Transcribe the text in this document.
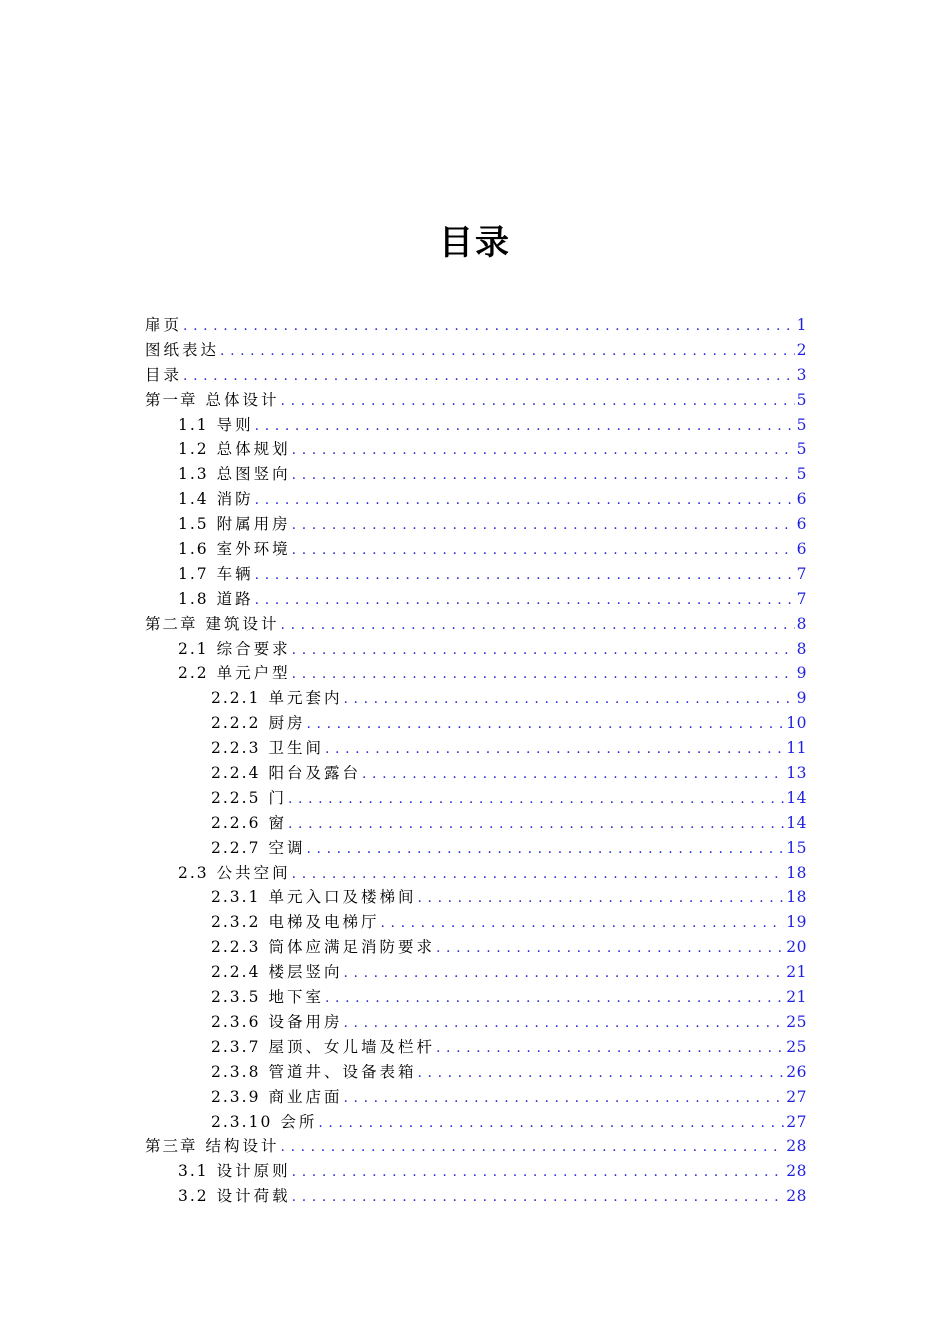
目录
扉页 .....	1
图纸表达 .....	2
目录 .....	3
第一章 总体设计 .....	5
1.1 导则 .....	5
1.2 总体规划 .....	5
1.3 总图竖向 .....	5
1.4 消防 .....	6
1.5 附属用房 .....	6
1.6 室外环境 .....	6
1.7 车辆 .....	7
1.8 道路 .....	7
第二章 建筑设计 .....	8
2.1 综合要求 .....	8
2.2 单元户型 .....	9
2.2.1 单元套内 .....	9
2.2.2 厨房 .....	10
2.2.3 卫生间 .....	11
2.2.4 阳台及露台 .....	13
2.2.5 门 .....	14
2.2.6 窗 .....	14
2.2.7 空调 .....	15
2.3 公共空间 .....	18
2.3.1 单元入口及楼梯间 .....	18
2.3.2 电梯及电梯厅 .....	19
2.2.3 筒体应满足消防要求 .....	20
2.2.4 楼层竖向 .....	21
2.3.5 地下室 .....	21
2.3.6 设备用房 .....	25
2.3.7 屋顶、女儿墙及栏杆 .....	25
2.3.8 管道井、设备表箱 .....	26
2.3.9 商业店面 .....	27
2.3.10 会所 .....	27
第三章 结构设计 .....	28
3.1 设计原则 .....	28
3.2 设计荷载 .....	28
